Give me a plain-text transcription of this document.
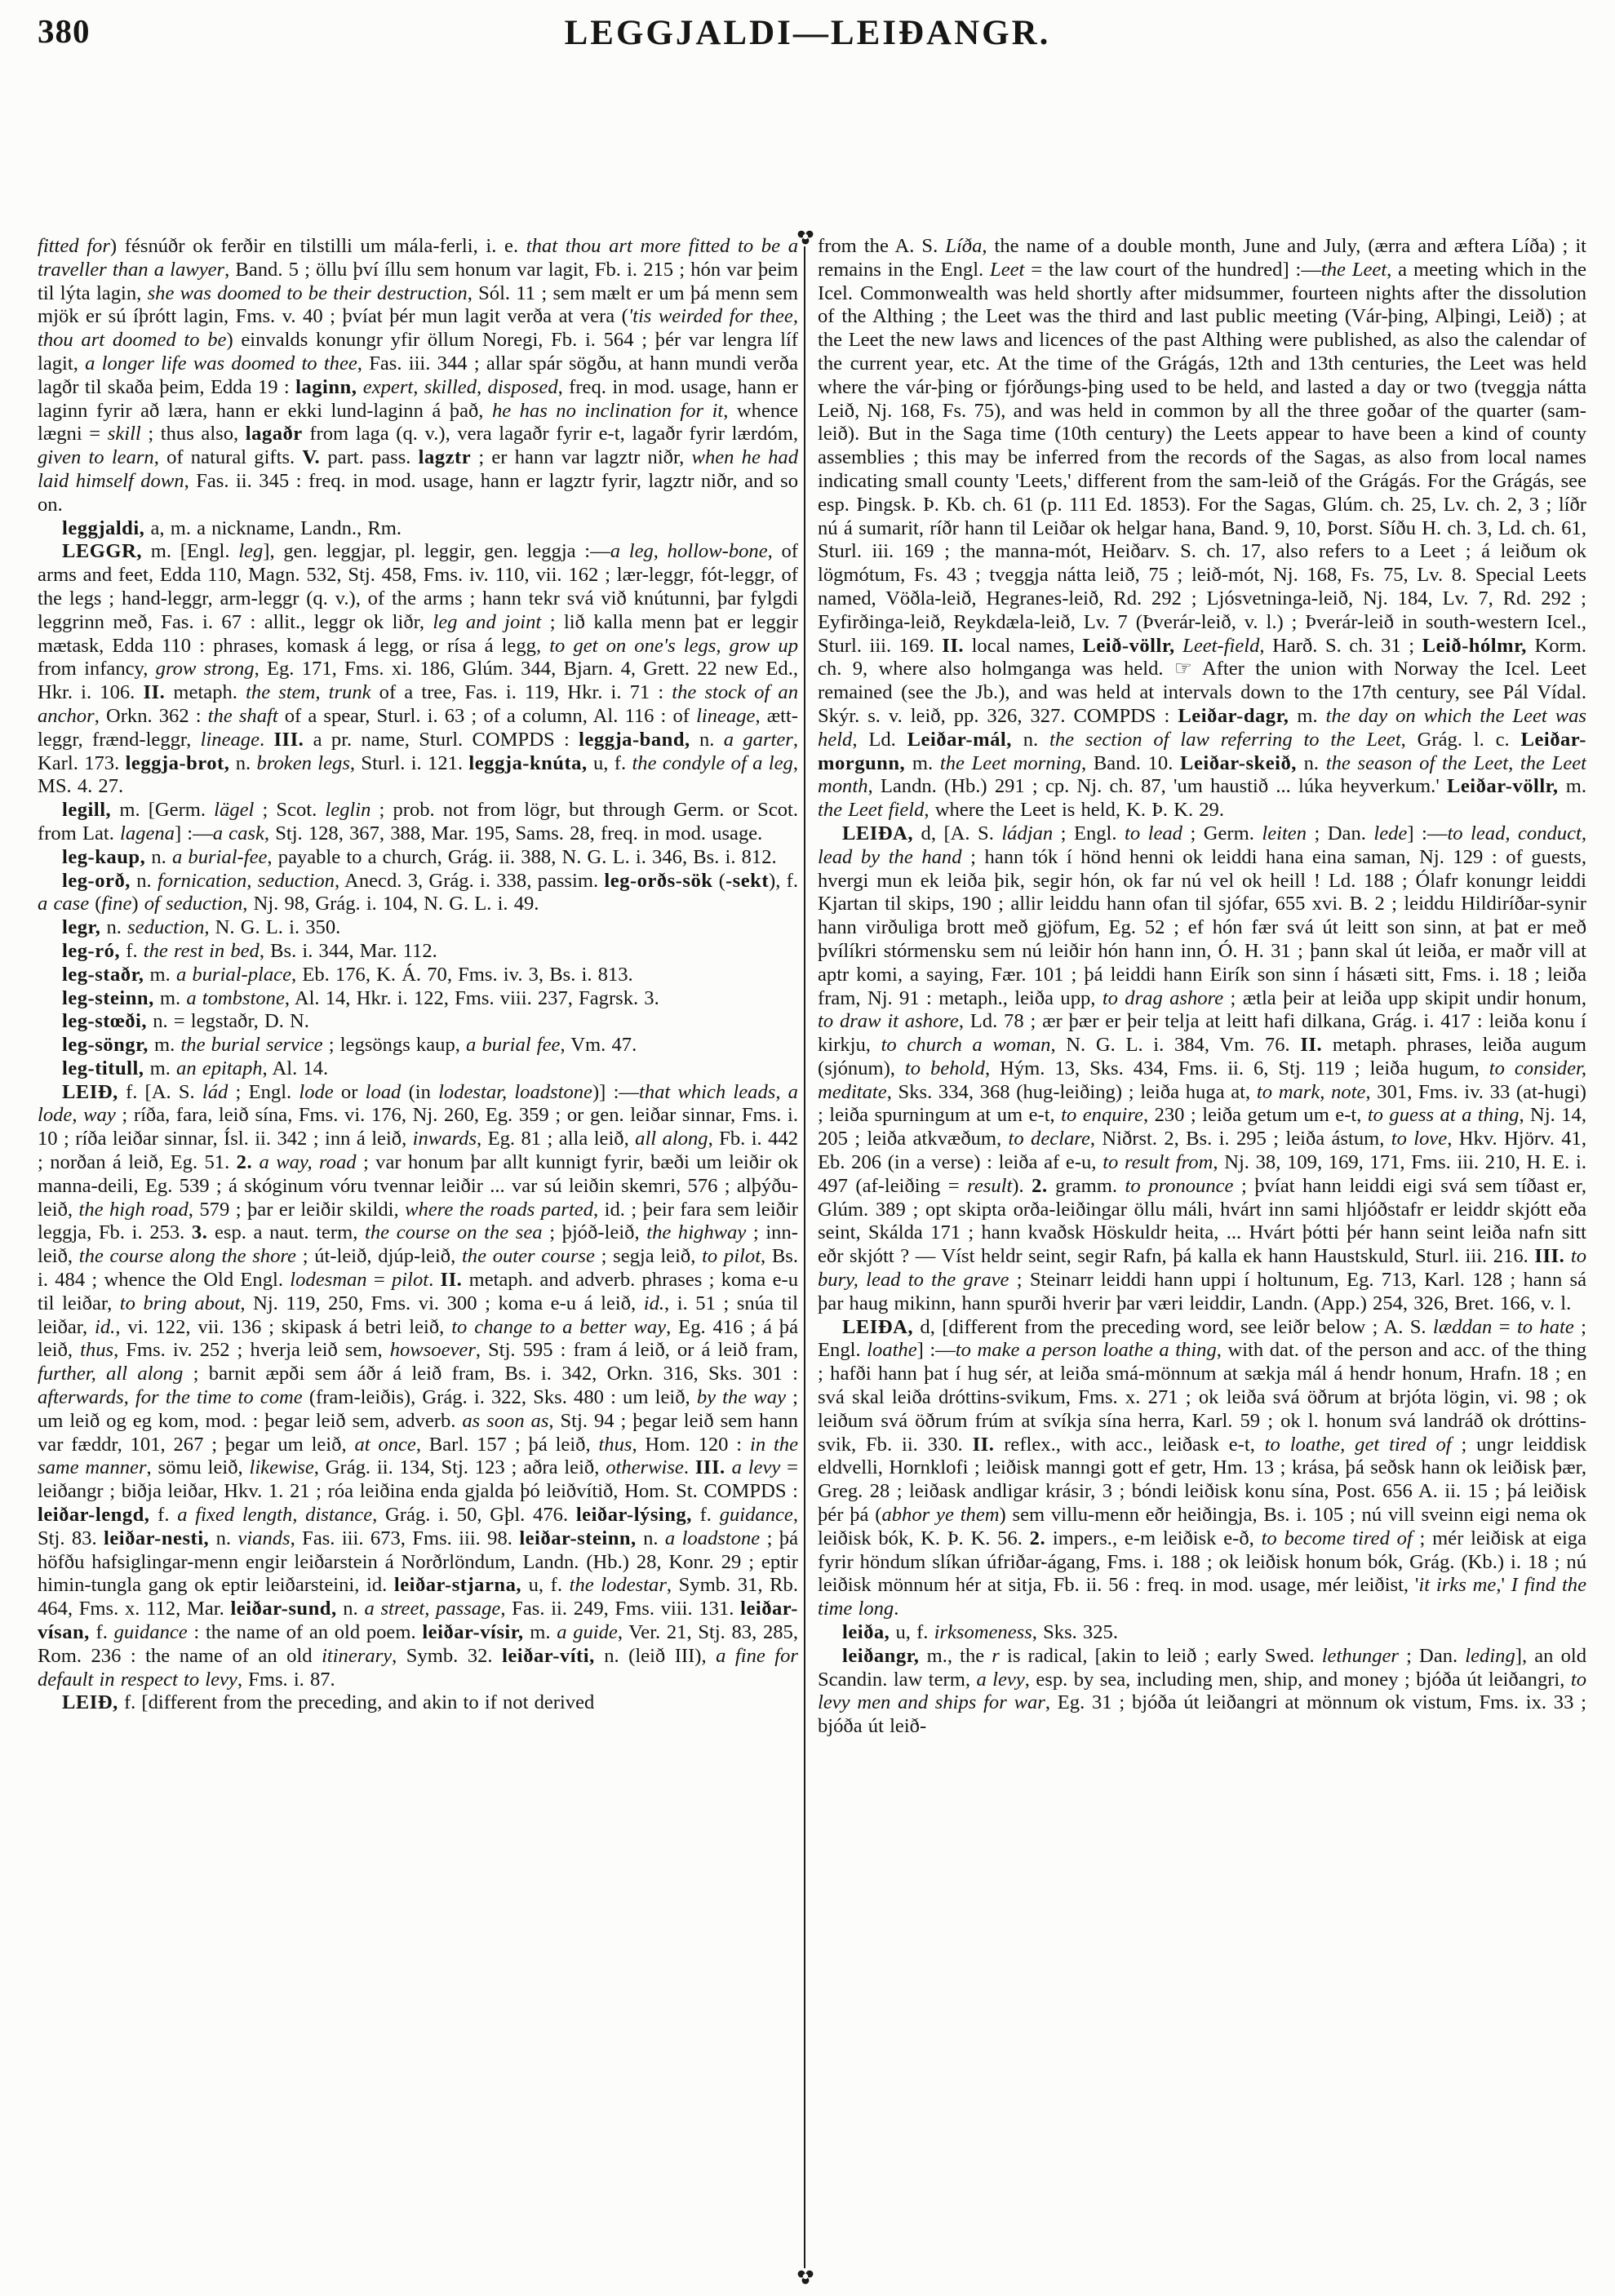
380	LEGGJALDI—LEIÐANGR.

fitted for) fésnúðr ok ferðir en tilstilli um mála-ferli, i. e. that thou art more fitted to be a traveller than a lawyer, Band. 5 ; öllu því íllu sem honum var lagit, Fb. i. 215 ; hón var þeim til lýta lagin, she was doomed to be their destruction, Sól. 11 ; sem mælt er um þá menn sem mjök er sú íþrótt lagin, Fms. v. 40 ; þvíat þér mun lagit verða at vera ('tis weirded for thee, thou art doomed to be) einvalds konungr yfir öllum Noregi, Fb. i. 564 ; þér var lengra líf lagit, a longer life was doomed to thee, Fas. iii. 344 ; allar spár sögðu, at hann mundi verða lagðr til skaða þeim, Edda 19 : laginn, expert, skilled, disposed, freq. in mod. usage, hann er laginn fyrir að læra, hann er ekki lund-laginn á það, he has no inclination for it, whence lægni = skill ; thus also, lagaðr from laga (q. v.), vera lagaðr fyrir e-t, lagaðr fyrir lærdóm, given to learn, of natural gifts. V. part. pass. lagztr ; er hann var lagztr niðr, when he had laid himself down, Fas. ii. 345 : freq. in mod. usage, hann er lagztr fyrir, lagztr niðr, and so on.

leggjaldi, a, m. a nickname, Landn., Rm.

LEGGR, m. [Engl. leg], gen. leggjar, pl. leggir, gen. leggja :—a leg, hollow-bone, of arms and feet, Edda 110, Magn. 532, Stj. 458, Fms. iv. 110, vii. 162 ; lær-leggr, fót-leggr, of the legs ; hand-leggr, arm-leggr (q. v.), of the arms ; hann tekr svá við knútunni, þar fylgdi leggrinn með, Fas. i. 67 : allit., leggr ok liðr, leg and joint ; lið kalla menn þat er leggir mætask, Edda 110 : phrases, komask á legg, or rísa á legg, to get on one's legs, grow up from infancy, grow strong, Eg. 171, Fms. xi. 186, Glúm. 344, Bjarn. 4, Grett. 22 new Ed., Hkr. i. 106. II. metaph. the stem, trunk of a tree, Fas. i. 119, Hkr. i. 71 : the stock of an anchor, Orkn. 362 : the shaft of a spear, Sturl. i. 63 ; of a column, Al. 116 : of lineage, ætt-leggr, frænd-leggr, lineage. III. a pr. name, Sturl. COMPDS : leggja-band, n. a garter, Karl. 173. leggja-brot, n. broken legs, Sturl. i. 121. leggja-knúta, u, f. the condyle of a leg, MS. 4. 27.

legill, m. [Germ. lägel ; Scot. leglin ; prob. not from lögr, but through Germ. or Scot. from Lat. lagena] :—a cask, Stj. 128, 367, 388, Mar. 195, Sams. 28, freq. in mod. usage.

leg-kaup, n. a burial-fee, payable to a church, Grág. ii. 388, N. G. L. i. 346, Bs. i. 812.

leg-orð, n. fornication, seduction, Anecd. 3, Grág. i. 338, passim. leg-orðs-sök (-sekt), f. a case (fine) of seduction, Nj. 98, Grág. i. 104, N. G. L. i. 49.

legr, n. seduction, N. G. L. i. 350.

leg-ró, f. the rest in bed, Bs. i. 344, Mar. 112.

leg-staðr, m. a burial-place, Eb. 176, K. Á. 70, Fms. iv. 3, Bs. i. 813.

leg-steinn, m. a tombstone, Al. 14, Hkr. i. 122, Fms. viii. 237, Fagrsk. 3.

leg-stœði, n. = legstaðr, D. N.

leg-söngr, m. the burial service ; legsöngs kaup, a burial fee, Vm. 47.

leg-titull, m. an epitaph, Al. 14.

LEIÐ, f. [A. S. lád ; Engl. lode or load (in lodestar, loadstone)] :—that which leads, a lode, way ; ríða, fara, leið sína, Fms. vi. 176, Nj. 260, Eg. 359 ; or gen. leiðar sinnar, Fms. i. 10 ; ríða leiðar sinnar, Ísl. ii. 342 ; inn á leið, inwards, Eg. 81 ; alla leið, all along, Fb. i. 442 ; norðan á leið, Eg. 51. 2. a way, road ; var honum þar allt kunnigt fyrir, bæði um leiðir ok manna-deili, Eg. 539 ; á skóginum vóru tvennar leiðir ... var sú leiðin skemri, 576 ; alþýðu-leið, the high road, 579 ; þar er leiðir skildi, where the roads parted, id. ; þeir fara sem leiðir leggja, Fb. i. 253. 3. esp. a naut. term, the course on the sea ; þjóð-leið, the highway ; inn-leið, the course along the shore ; út-leið, djúp-leið, the outer course ; segja leið, to pilot, Bs. i. 484 ; whence the Old Engl. lodesman = pilot. II. metaph. and adverb. phrases ; koma e-u til leiðar, to bring about, Nj. 119, 250, Fms. vi. 300 ; koma e-u á leið, id., i. 51 ; snúa til leiðar, id., vi. 122, vii. 136 ; skipask á betri leið, to change to a better way, Eg. 416 ; á þá leið, thus, Fms. iv. 252 ; hverja leið sem, howsoever, Stj. 595 : fram á leið, or á leið fram, further, all along ; barnit æpði sem áðr á leið fram, Bs. i. 342, Orkn. 316, Sks. 301 : afterwards, for the time to come (fram-leiðis), Grág. i. 322, Sks. 480 : um leið, by the way ; um leið og eg kom, mod. : þegar leið sem, adverb. as soon as, Stj. 94 ; þegar leið sem hann var fæddr, 101, 267 ; þegar um leið, at once, Barl. 157 ; þá leið, thus, Hom. 120 : in the same manner, sömu leið, likewise, Grág. ii. 134, Stj. 123 ; aðra leið, otherwise. III. a levy = leiðangr ; biðja leiðar, Hkv. 1. 21 ; róa leiðina enda gjalda þó leiðvítið, Hom. St. COMPDS : leiðar-lengd, f. a fixed length, distance, Grág. i. 50, Gþl. 476. leiðar-lýsing, f. guidance, Stj. 83. leiðar-nesti, n. viands, Fas. iii. 673, Fms. iii. 98. leiðar-steinn, n. a loadstone ; þá höfðu hafsiglingar-menn engir leiðarstein á Norðrlöndum, Landn. (Hb.) 28, Konr. 29 ; eptir himin-tungla gang ok eptir leiðarsteini, id. leiðar-stjarna, u, f. the lodestar, Symb. 31, Rb. 464, Fms. x. 112, Mar. leiðar-sund, n. a street, passage, Fas. ii. 249, Fms. viii. 131. leiðar-vísan, f. guidance : the name of an old poem. leiðar-vísir, m. a guide, Ver. 21, Stj. 83, 285, Rom. 236 : the name of an old itinerary, Symb. 32. leiðar-víti, n. (leið III), a fine for default in respect to levy, Fms. i. 87.

LEIÐ, f. [different from the preceding, and akin to if not derived

from the A. S. Líða, the name of a double month, June and July, (ærra and æftera Líða) ; it remains in the Engl. Leet = the law court of the hundred] :—the Leet, a meeting which in the Icel. Commonwealth was held shortly after midsummer, fourteen nights after the dissolution of the Althing ; the Leet was the third and last public meeting (Vár-þing, Alþingi, Leið) ; at the Leet the new laws and licences of the past Althing were published, as also the calendar of the current year, etc. At the time of the Grágás, 12th and 13th centuries, the Leet was held where the vár-þing or fjórðungs-þing used to be held, and lasted a day or two (tveggja nátta Leið, Nj. 168, Fs. 75), and was held in common by all the three goðar of the quarter (sam-leið). But in the Saga time (10th century) the Leets appear to have been a kind of county assemblies ; this may be inferred from the records of the Sagas, as also from local names indicating small county 'Leets,' different from the sam-leið of the Grágás. For the Grágás, see esp. Þingsk. Þ. Kb. ch. 61 (p. 111 Ed. 1853). For the Sagas, Glúm. ch. 25, Lv. ch. 2, 3 ; líðr nú á sumarit, ríðr hann til Leiðar ok helgar hana, Band. 9, 10, Þorst. Síðu H. ch. 3, Ld. ch. 61, Sturl. iii. 169 ; the manna-mót, Heiðarv. S. ch. 17, also refers to a Leet ; á leiðum ok lögmótum, Fs. 43 ; tveggja nátta leið, 75 ; leið-mót, Nj. 168, Fs. 75, Lv. 8. Special Leets named, Vöðla-leið, Hegranes-leið, Rd. 292 ; Ljósvetninga-leið, Nj. 184, Lv. 7, Rd. 292 ; Eyfirðinga-leið, Reykdæla-leið, Lv. 7 (Þverár-leið, v. l.) ; Þverár-leið in south-western Icel., Sturl. iii. 169. II. local names, Leið-völlr, Leet-field, Harð. S. ch. 31 ; Leið-hólmr, Korm. ch. 9, where also holmganga was held. ☞ After the union with Norway the Icel. Leet remained (see the Jb.), and was held at intervals down to the 17th century, see Pál Vídal. Skýr. s. v. leið, pp. 326, 327. COMPDS : Leiðar-dagr, m. the day on which the Leet was held, Ld. Leiðar-mál, n. the section of law referring to the Leet, Grág. l. c. Leiðar-morgunn, m. the Leet morning, Band. 10. Leiðar-skeið, n. the season of the Leet, the Leet month, Landn. (Hb.) 291 ; cp. Nj. ch. 87, 'um haustið ... lúka heyverkum.' Leiðar-völlr, m. the Leet field, where the Leet is held, K. Þ. K. 29.

LEIÐA, d, [A. S. ládjan ; Engl. to lead ; Germ. leiten ; Dan. lede] :—to lead, conduct, lead by the hand ; hann tók í hönd henni ok leiddi hana eina saman, Nj. 129 : of guests, hvergi mun ek leiða þik, segir hón, ok far nú vel ok heill ! Ld. 188 ; Ólafr konungr leiddi Kjartan til skips, 190 ; allir leiddu hann ofan til sjófar, 655 xvi. B. 2 ; leiddu Hildiríðar-synir hann virðuliga brott með gjöfum, Eg. 52 ; ef hón fær svá út leitt son sinn, at þat er með þvílíkri stórmensku sem nú leiðir hón hann inn, Ó. H. 31 ; þann skal út leiða, er maðr vill at aptr komi, a saying, Fær. 101 ; þá leiddi hann Eirík son sinn í hásæti sitt, Fms. i. 18 ; leiða fram, Nj. 91 : metaph., leiða upp, to drag ashore ; ætla þeir at leiða upp skipit undir honum, to draw it ashore, Ld. 78 ; ær þær er þeir telja at leitt hafi dilkana, Grág. i. 417 : leiða konu í kirkju, to church a woman, N. G. L. i. 384, Vm. 76. II. metaph. phrases, leiða augum (sjónum), to behold, Hým. 13, Sks. 434, Fms. ii. 6, Stj. 119 ; leiða hugum, to consider, meditate, Sks. 334, 368 (hug-leiðing) ; leiða huga at, to mark, note, 301, Fms. iv. 33 (at-hugi) ; leiða spurningum at um e-t, to enquire, 230 ; leiða getum um e-t, to guess at a thing, Nj. 14, 205 ; leiða atkvæðum, to declare, Niðrst. 2, Bs. i. 295 ; leiða ástum, to love, Hkv. Hjörv. 41, Eb. 206 (in a verse) : leiða af e-u, to result from, Nj. 38, 109, 169, 171, Fms. iii. 210, H. E. i. 497 (af-leiðing = result). 2. gramm. to pronounce ; þvíat hann leiddi eigi svá sem tíðast er, Glúm. 389 ; opt skipta orða-leiðingar öllu máli, hvárt inn sami hljóðstafr er leiddr skjótt eða seint, Skálda 171 ; hann kvaðsk Höskuldr heita, ... Hvárt þótti þér hann seint leiða nafn sitt eðr skjótt ? — Víst heldr seint, segir Rafn, þá kalla ek hann Haustskuld, Sturl. iii. 216. III. to bury, lead to the grave ; Steinarr leiddi hann uppi í holtunum, Eg. 713, Karl. 128 ; hann sá þar haug mikinn, hann spurði hverir þar væri leiddir, Landn. (App.) 254, 326, Bret. 166, v. l.

LEIÐA, d, [different from the preceding word, see leiðr below ; A. S. læddan = to hate ; Engl. loathe] :—to make a person loathe a thing, with dat. of the person and acc. of the thing ; hafði hann þat í hug sér, at leiða smá-mönnum at sækja mál á hendr honum, Hrafn. 18 ; en svá skal leiða dróttins-svikum, Fms. x. 271 ; ok leiða svá öðrum at brjóta lögin, vi. 98 ; ok leiðum svá öðrum frúm at svíkja sína herra, Karl. 59 ; ok l. honum svá landráð ok dróttins-svik, Fb. ii. 330. II. reflex., with acc., leiðask e-t, to loathe, get tired of ; ungr leiddisk eldvelli, Hornklofi ; leiðisk manngi gott ef getr, Hm. 13 ; krása, þá seðsk hann ok leiðisk þær, Greg. 28 ; leiðask andligar krásir, 3 ; bóndi leiðisk konu sína, Post. 656 A. ii. 15 ; þá leiðisk þér þá (abhor ye them) sem villu-menn eðr heiðingja, Bs. i. 105 ; nú vill sveinn eigi nema ok leiðisk bók, K. Þ. K. 56. 2. impers., e-m leiðisk e-ð, to become tired of ; mér leiðisk at eiga fyrir höndum slíkan úfriðar-ágang, Fms. i. 188 ; ok leiðisk honum bók, Grág. (Kb.) i. 18 ; nú leiðisk mönnum hér at sitja, Fb. ii. 56 : freq. in mod. usage, mér leiðist, 'it irks me,' I find the time long.

leiða, u, f. irksomeness, Sks. 325.

leiðangr, m., the r is radical, [akin to leið ; early Swed. lethunger ; Dan. leding], an old Scandin. law term, a levy, esp. by sea, including men, ship, and money ; bjóða út leiðangri, to levy men and ships for war, Eg. 31 ; bjóða út leiðangri at mönnum ok vistum, Fms. ix. 33 ; bjóða út leið-
